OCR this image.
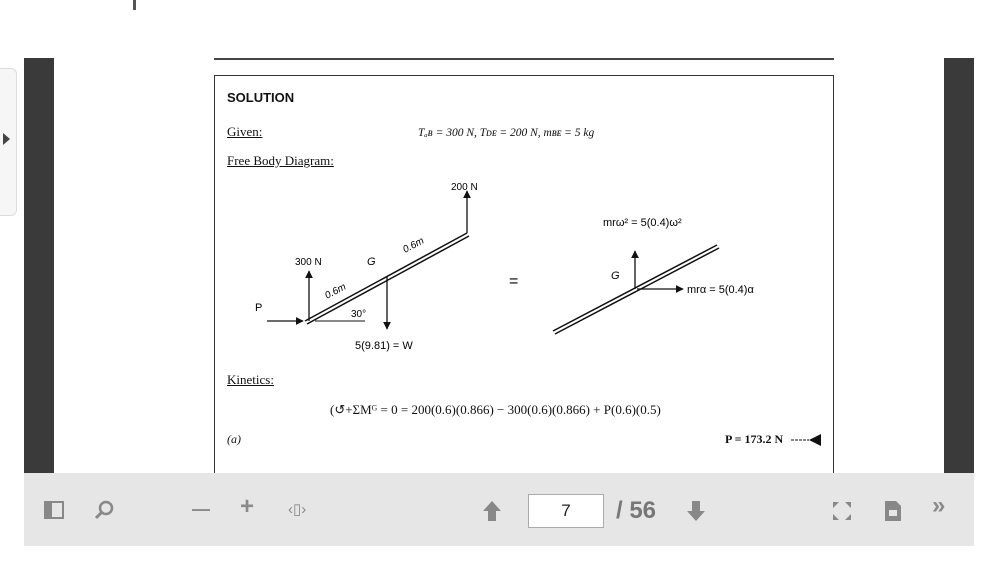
SOLUTION
Given:	Tₐʙ = 300 N, Tᴅᴇ = 200 N, mʙᴇ = 5 kg
Free Body Diagram:
200 N
300 N
P
G
5(9.81) = W
0.6m
0.6m
30°
=
mrω² = 5(0.4)ω²
mrα = 5(0.4)α
G
Kinetics:
(↺+ΣMᴳ = 0 = 200(0.6)(0.866) − 300(0.6)(0.866) + P(0.6)(0.5)
(a)	P = 173.2 N
— + ‹▯›	7	/ 56	»
